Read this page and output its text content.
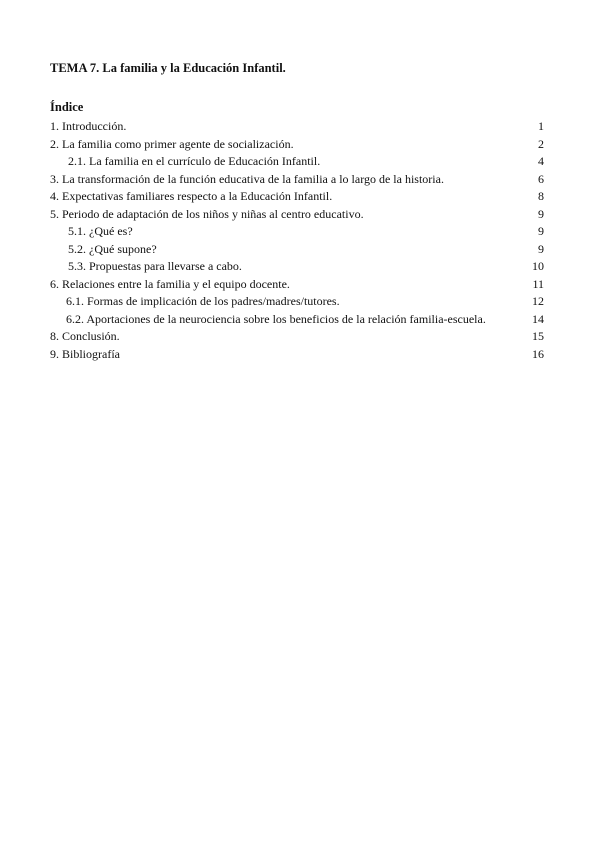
TEMA 7. La familia y la Educación Infantil.
Índice
1. Introducción.	1
2. La familia como primer agente de socialización.	2
2.1. La familia en el currículo de Educación Infantil.	4
3. La transformación de la función educativa de la familia a lo largo de la historia.	6
4. Expectativas familiares respecto a la Educación Infantil.	8
5. Periodo de adaptación de los niños y niñas al centro educativo.	9
5.1. ¿Qué es?	9
5.2. ¿Qué supone?	9
5.3. Propuestas para llevarse a cabo.	10
6. Relaciones entre la familia y el equipo docente.	11
6.1. Formas de implicación de los padres/madres/tutores.	12
6.2. Aportaciones de la neurociencia sobre los beneficios de la relación familia-escuela.	14
8. Conclusión.	15
9. Bibliografía	16
